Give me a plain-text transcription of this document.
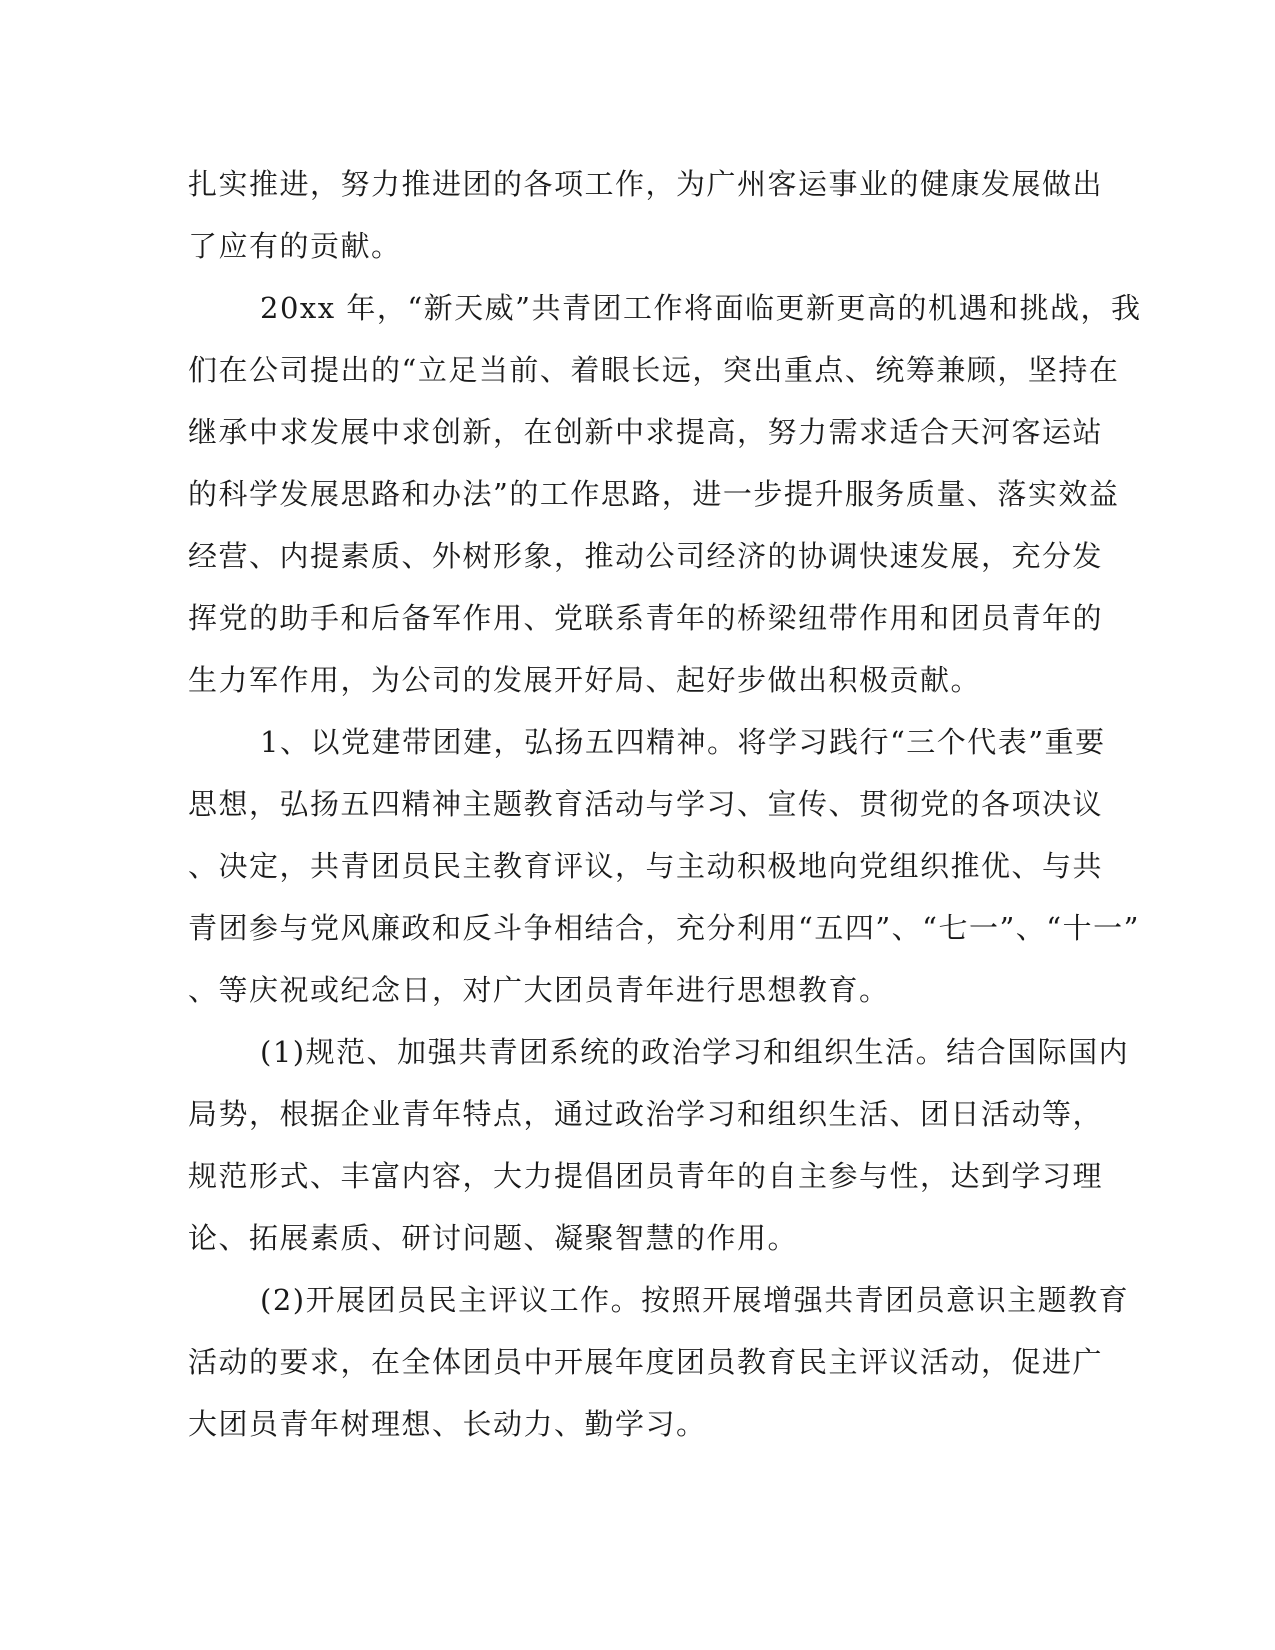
扎实推进，努力推进团的各项工作，为广州客运事业的健康发展做出
了应有的贡献。
20xx 年，“新天威”共青团工作将面临更新更高的机遇和挑战，我
们在公司提出的“立足当前、着眼长远，突出重点、统筹兼顾，坚持在
继承中求发展中求创新，在创新中求提高，努力需求适合天河客运站
的科学发展思路和办法”的工作思路，进一步提升服务质量、落实效益
经营、内提素质、外树形象，推动公司经济的协调快速发展，充分发
挥党的助手和后备军作用、党联系青年的桥梁纽带作用和团员青年的
生力军作用，为公司的发展开好局、起好步做出积极贡献。
1、以党建带团建，弘扬五四精神。将学习践行“三个代表”重要
思想，弘扬五四精神主题教育活动与学习、宣传、贯彻党的各项决议
、决定，共青团员民主教育评议，与主动积极地向党组织推优、与共
青团参与党风廉政和反斗争相结合，充分利用“五四”、“七一”、“十一”
、等庆祝或纪念日，对广大团员青年进行思想教育。
(1)规范、加强共青团系统的政治学习和组织生活。结合国际国内
局势，根据企业青年特点，通过政治学习和组织生活、团日活动等，
规范形式、丰富内容，大力提倡团员青年的自主参与性，达到学习理
论、拓展素质、研讨问题、凝聚智慧的作用。
(2)开展团员民主评议工作。按照开展增强共青团员意识主题教育
活动的要求，在全体团员中开展年度团员教育民主评议活动，促进广
大团员青年树理想、长动力、勤学习。
